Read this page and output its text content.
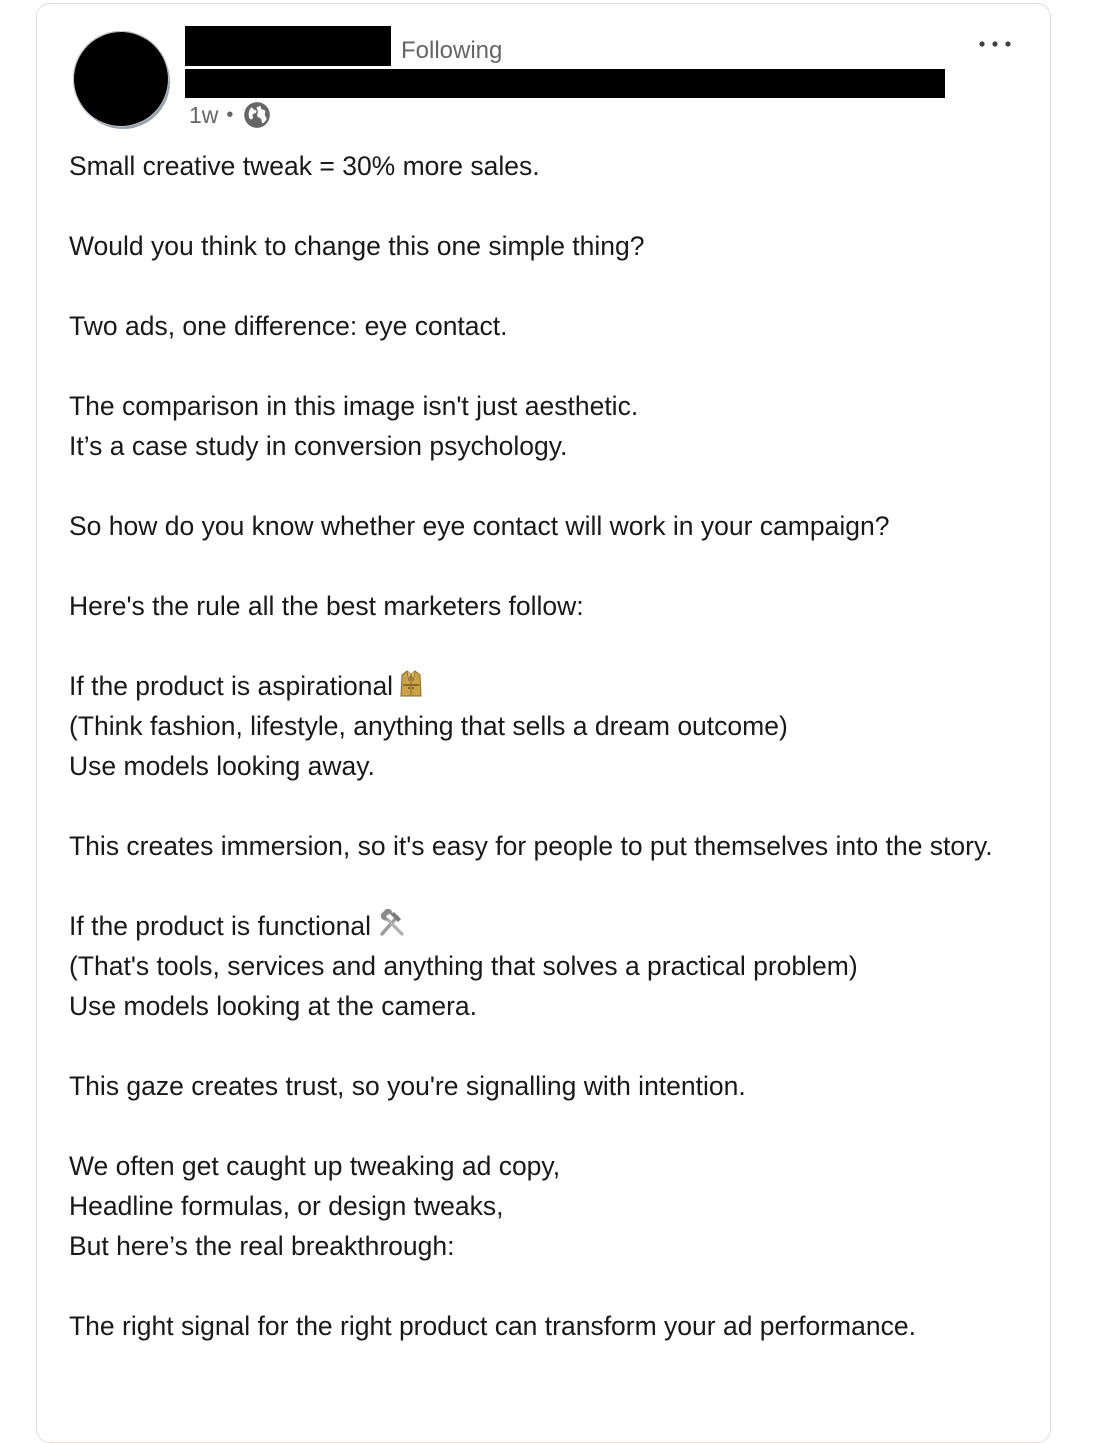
Following
1w •

Small creative tweak = 30% more sales.

Would you think to change this one simple thing?

Two ads, one difference: eye contact.

The comparison in this image isn't just aesthetic.
It’s a case study in conversion psychology.

So how do you know whether eye contact will work in your campaign?

Here's the rule all the best marketers follow:

If the product is aspirational
(Think fashion, lifestyle, anything that sells a dream outcome)
Use models looking away.

This creates immersion, so it's easy for people to put themselves into the story.

If the product is functional
(That's tools, services and anything that solves a practical problem)
Use models looking at the camera.

This gaze creates trust, so you're signalling with intention.

We often get caught up tweaking ad copy,
Headline formulas, or design tweaks,
But here’s the real breakthrough:

The right signal for the right product can transform your ad performance.
